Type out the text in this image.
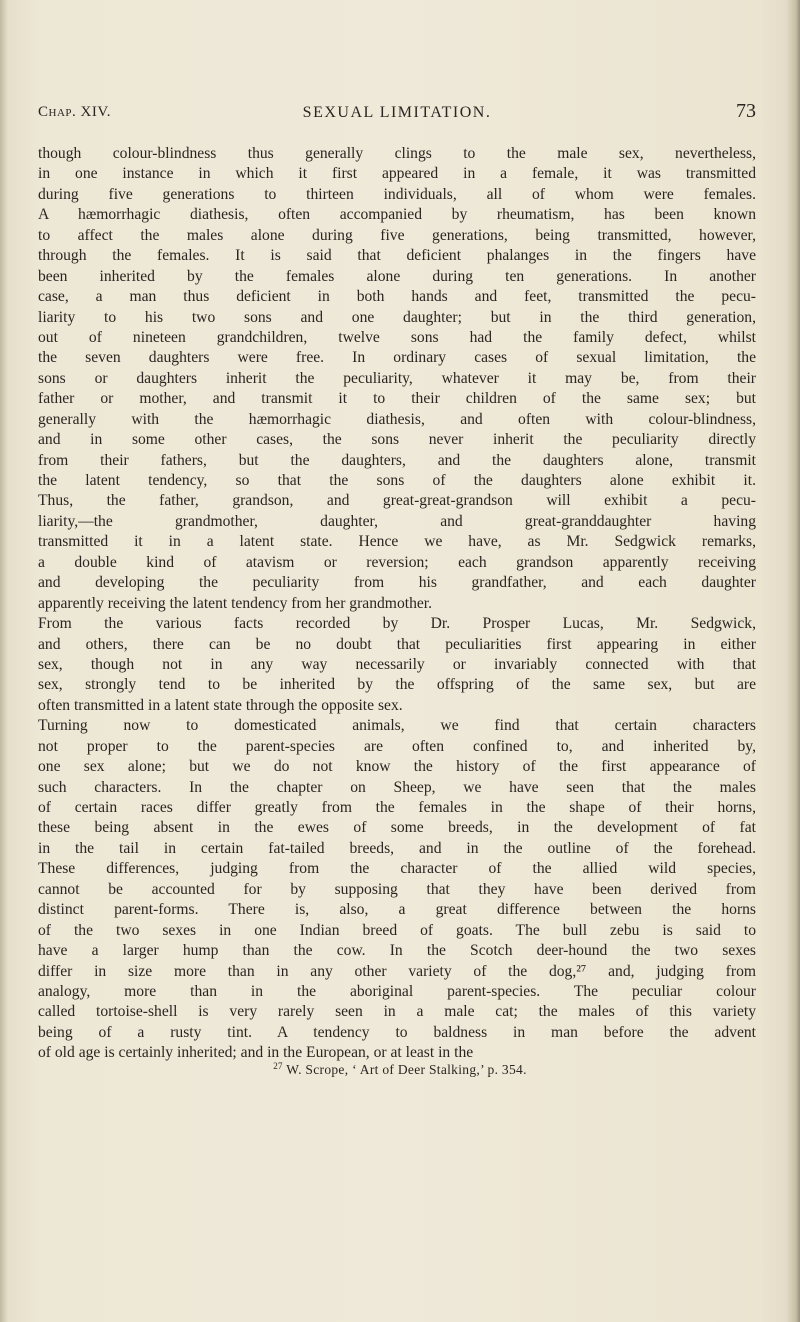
Chap. XIV.	SEXUAL LIMITATION.	73
though colour-blindness thus generally clings to the male sex, nevertheless,
in one instance in which it first appeared in a female, it was transmitted
during five generations to thirteen individuals, all of whom were females.
A hæmorrhagic diathesis, often accompanied by rheumatism, has been known
to affect the males alone during five generations, being transmitted, however,
through the females. It is said that deficient phalanges in the fingers have
been inherited by the females alone during ten generations. In another
case, a man thus deficient in both hands and feet, transmitted the pecu-
liarity to his two sons and one daughter; but in the third generation,
out of nineteen grandchildren, twelve sons had the family defect, whilst
the seven daughters were free. In ordinary cases of sexual limitation, the
sons or daughters inherit the peculiarity, whatever it may be, from their
father or mother, and transmit it to their children of the same sex; but
generally with the hæmorrhagic diathesis, and often with colour-blindness,
and in some other cases, the sons never inherit the peculiarity directly
from their fathers, but the daughters, and the daughters alone, transmit
the latent tendency, so that the sons of the daughters alone exhibit it.
Thus, the father, grandson, and great-great-grandson will exhibit a pecu-
liarity,—the grandmother, daughter, and great-granddaughter having
transmitted it in a latent state. Hence we have, as Mr. Sedgwick remarks,
a double kind of atavism or reversion; each grandson apparently receiving
and developing the peculiarity from his grandfather, and each daughter
apparently receiving the latent tendency from her grandmother.
From the various facts recorded by Dr. Prosper Lucas, Mr. Sedgwick,
and others, there can be no doubt that peculiarities first appearing in either
sex, though not in any way necessarily or invariably connected with that
sex, strongly tend to be inherited by the offspring of the same sex, but are
often transmitted in a latent state through the opposite sex.
Turning now to domesticated animals, we find that certain characters
not proper to the parent-species are often confined to, and inherited by,
one sex alone; but we do not know the history of the first appearance of
such characters. In the chapter on Sheep, we have seen that the males
of certain races differ greatly from the females in the shape of their horns,
these being absent in the ewes of some breeds, in the development of fat
in the tail in certain fat-tailed breeds, and in the outline of the forehead.
These differences, judging from the character of the allied wild species,
cannot be accounted for by supposing that they have been derived from
distinct parent-forms. There is, also, a great difference between the horns
of the two sexes in one Indian breed of goats. The bull zebu is said to
have a larger hump than the cow. In the Scotch deer-hound the two sexes
differ in size more than in any other variety of the dog,²⁷ and, judging from
analogy, more than in the aboriginal parent-species. The peculiar colour
called tortoise-shell is very rarely seen in a male cat; the males of this variety
being of a rusty tint. A tendency to baldness in man before the advent
of old age is certainly inherited; and in the European, or at least in the
$^{27}$ W. Scrope, ‘ Art of Deer Stalking,’ p. 354.
